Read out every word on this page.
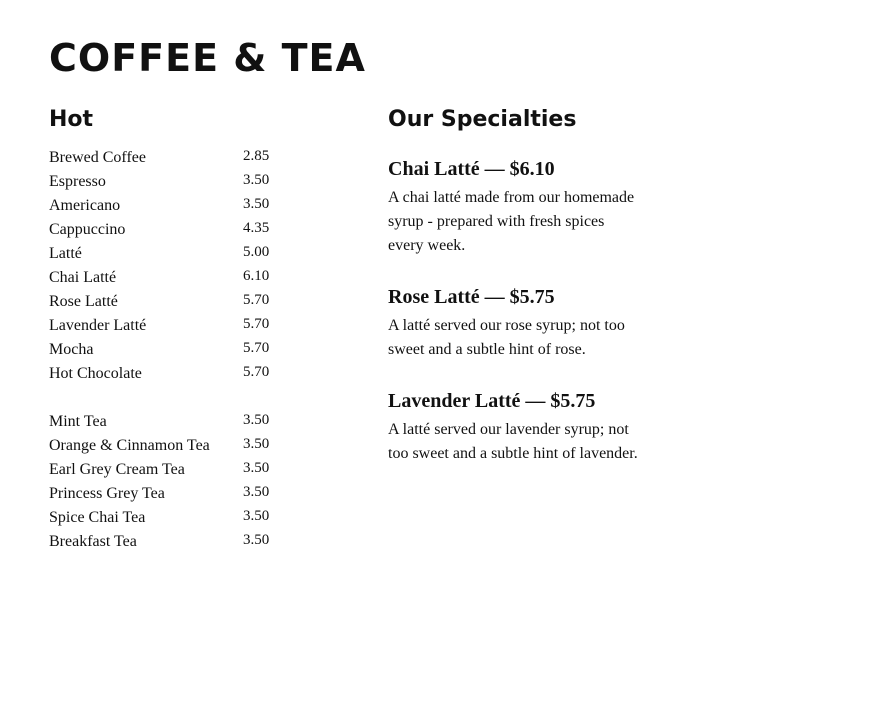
COFFEE & TEA
Hot
Brewed Coffee	2.85
Espresso	3.50
Americano	3.50
Cappuccino	4.35
Latté	5.00
Chai Latté	6.10
Rose Latté	5.70
Lavender Latté	5.70
Mocha	5.70
Hot Chocolate	5.70
Mint Tea	3.50
Orange & Cinnamon Tea 3.50
Earl Grey Cream Tea	3.50
Princess Grey Tea	3.50
Spice Chai Tea	3.50
Breakfast Tea	3.50
Our Specialties
Chai Latté — $6.10

A chai latté made from our homemade syrup - prepared with fresh spices every week.

Rose Latté — $5.75

A latté served our rose syrup; not too sweet and a subtle hint of rose.

Lavender Latté — $5.75

A latté served our lavender syrup; not too sweet and a subtle hint of lavender.
